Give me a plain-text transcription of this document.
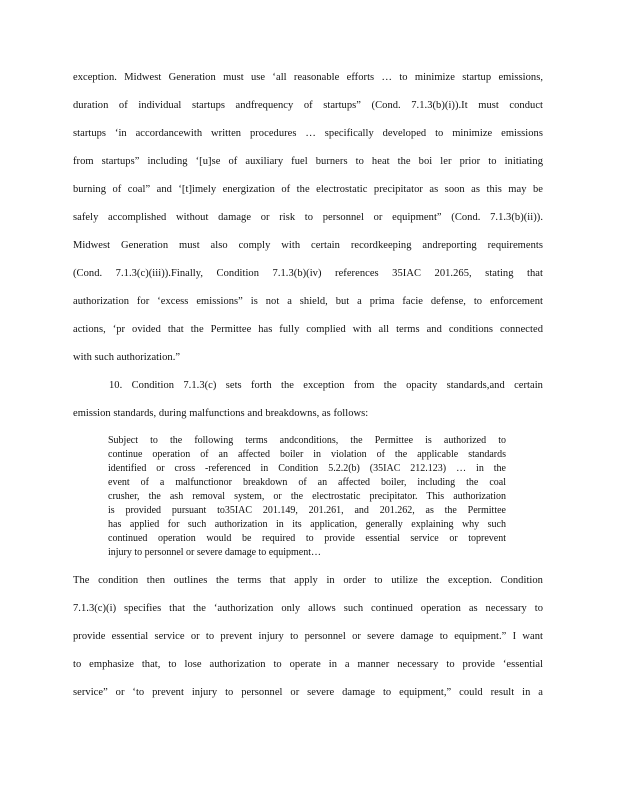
exception. Midwest Generation must use ‘all reasonable efforts … to minimize startup emissions,
duration of individual startups andfrequency of startups” (Cond. 7.1.3(b)(i)).It must conduct
startups ‘in accordancewith written procedures … specifically developed to minimize emissions
from startups” including ‘[u]se of auxiliary fuel burners to heat the boi ler prior to initiating
burning of coal” and ‘[t]imely energization of the electrostatic precipitator as soon as this may be
safely accomplished without damage or risk to personnel or equipment” (Cond. 7.1.3(b)(ii)).
Midwest Generation must also comply with certain recordkeeping andreporting requirements
(Cond. 7.1.3(c)(iii)).Finally, Condition 7.1.3(b)(iv) references 35IAC 201.265, stating that
authorization for ‘excess emissions” is not a shield, but a prima facie defense, to enforcement
actions, ‘pr ovided that the Permittee has fully complied with all terms and conditions connected
with such authorization.”
10. Condition 7.1.3(c) sets forth the exception from the opacity standards,and certain
emission standards, during malfunctions and breakdowns, as follows:
Subject to the following terms andconditions, the Permittee is authorized to
continue operation of an affected boiler in violation of the applicable standards
identified or cross -referenced in Condition 5.2.2(b) (35IAC 212.123) … in the
event of a malfunctionor breakdown of an affected boiler, including the coal
crusher, the ash removal system, or the electrostatic precipitator. This authorization
is provided pursuant to35IAC 201.149, 201.261, and 201.262, as the Permittee
has applied for such authorization in its application, generally explaining why such
continued operation would be required to provide essential service or toprevent
injury to personnel or severe damage to equipment…
The condition then outlines the terms that apply in order to utilize the exception. Condition
7.1.3(c)(i) specifies that the ‘authorization only allows such continued operation as necessary to
provide essential service or to prevent injury to personnel or severe damage to equipment.” I want
to emphasize that, to lose authorization to operate in a manner necessary to provide ‘essential
service” or ‘to prevent injury to personnel or severe damage to equipment,” could result in a
